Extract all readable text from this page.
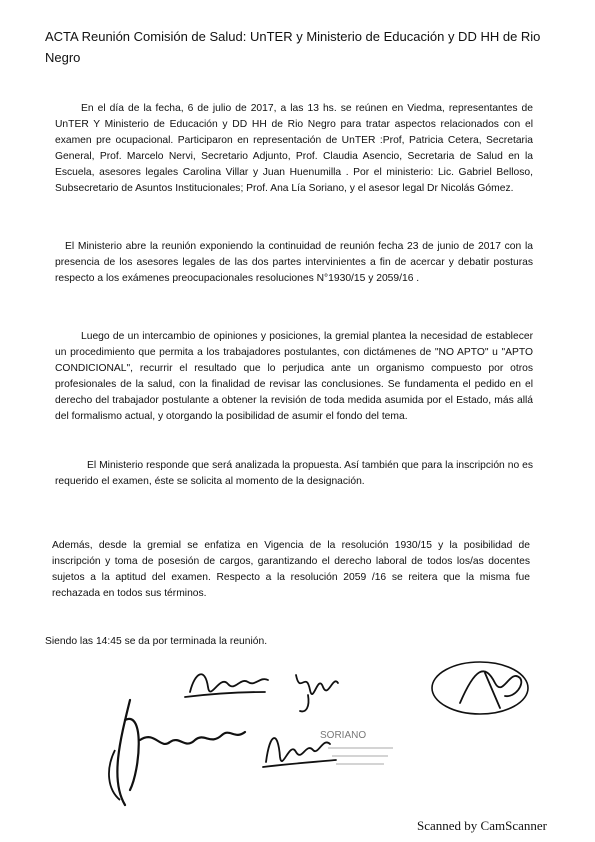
ACTA Reunión Comisión de Salud: UnTER y Ministerio de Educación y DD HH de Rio Negro

En el día de la fecha, 6 de julio de 2017, a las 13 hs. se reúnen en Viedma, representantes de UnTER Y Ministerio de Educación y DD HH de Rio Negro para tratar aspectos relacionados con el examen pre ocupacional. Participaron en representación de UnTER :Prof, Patricia Cetera, Secretaria General, Prof. Marcelo Nervi, Secretario Adjunto, Prof. Claudia Asencio, Secretaria de Salud en la Escuela, asesores legales Carolina Villar y Juan Huenumilla . Por el ministerio: Lic. Gabriel Belloso, Subsecretario de Asuntos Institucionales; Prof. Ana Lía Soriano, y el asesor legal Dr Nicolás Gómez.

El Ministerio abre la reunión exponiendo la continuidad de reunión fecha 23 de junio de 2017 con la presencia de los asesores legales de las dos partes intervinientes a fin de acercar y debatir posturas respecto a los exámenes preocupacionales resoluciones N°1930/15 y 2059/16 .

Luego de un intercambio de opiniones y posiciones, la gremial plantea la necesidad de establecer un procedimiento que permita a los trabajadores postulantes, con dictámenes de "NO APTO" u "APTO CONDICIONAL", recurrir el resultado que lo perjudica ante un organismo compuesto por otros profesionales de la salud, con la finalidad de revisar las conclusiones. Se fundamenta el pedido en el derecho del trabajador postulante a obtener la revisión de toda medida asumida por el Estado, más allá del formalismo actual, y otorgando la posibilidad de asumir el fondo del tema.

El Ministerio responde que será analizada la propuesta. Así también que para la inscripción no es requerido el examen, éste se solicita al momento de la designación.

Además, desde la gremial se enfatiza en Vigencia de la resolución 1930/15 y la posibilidad de inscripción y toma de posesión de cargos, garantizando el derecho laboral de todos los/as docentes sujetos a la aptitud del examen. Respecto a la resolución 2059 /16 se reitera que la misma fue rechazada en todos sus términos.

Siendo las 14:45 se da por terminada la reunión.

SORIANO
Scanned by CamScanner
